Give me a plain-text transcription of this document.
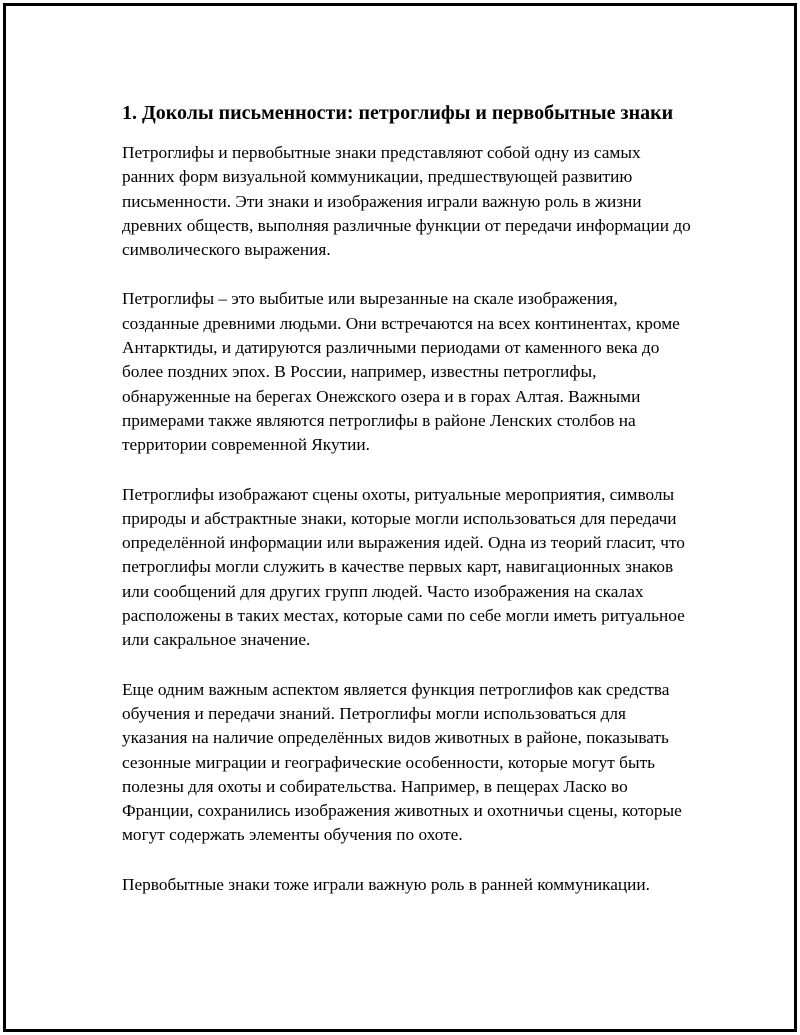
1. Доколы письменности: петроглифы и первобытные знаки

Петроглифы и первобытные знаки представляют собой одну из самых ранних форм визуальной коммуникации, предшествующей развитию письменности. Эти знаки и изображения играли важную роль в жизни древних обществ, выполняя различные функции от передачи информации до символического выражения.

Петроглифы – это выбитые или вырезанные на скале изображения, созданные древними людьми. Они встречаются на всех континентах, кроме Антарктиды, и датируются различными периодами от каменного века до более поздних эпох. В России, например, известны петроглифы, обнаруженные на берегах Онежского озера и в горах Алтая. Важными примерами также являются петроглифы в районе Ленских столбов на территории современной Якутии.

Петроглифы изображают сцены охоты, ритуальные мероприятия, символы природы и абстрактные знаки, которые могли использоваться для передачи определённой информации или выражения идей. Одна из теорий гласит, что петроглифы могли служить в качестве первых карт, навигационных знаков или сообщений для других групп людей. Часто изображения на скалах расположены в таких местах, которые сами по себе могли иметь ритуальное или сакральное значение.

Еще одним важным аспектом является функция петроглифов как средства обучения и передачи знаний. Петроглифы могли использоваться для указания на наличие определённых видов животных в районе, показывать сезонные миграции и географические особенности, которые могут быть полезны для охоты и собирательства. Например, в пещерах Ласко во Франции, сохранились изображения животных и охотничьи сцены, которые могут содержать элементы обучения по охоте.

Первобытные знаки тоже играли важную роль в ранней коммуникации.
